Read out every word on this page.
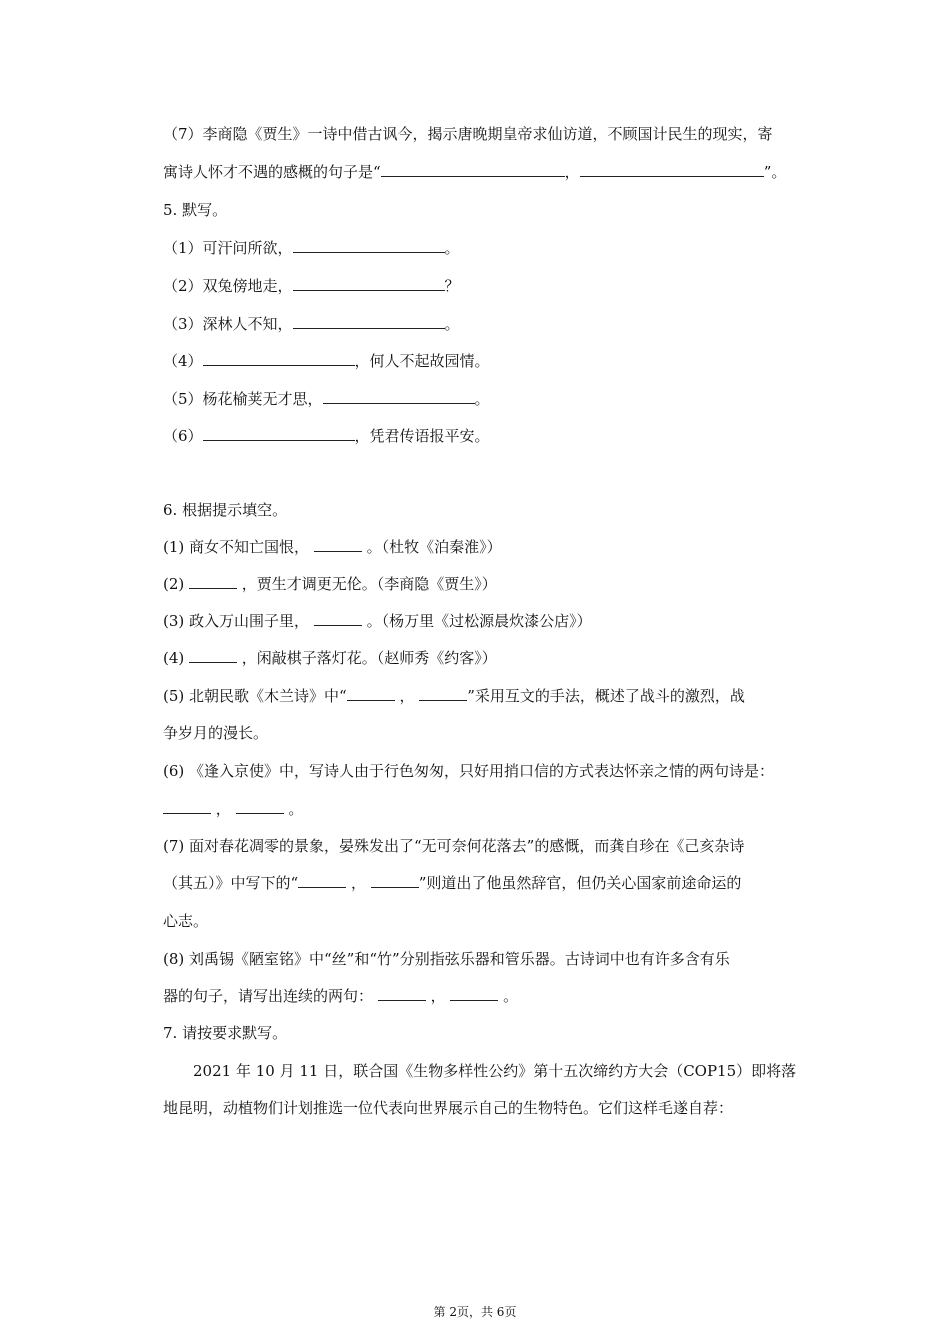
（7）李商隐《贾生》一诗中借古讽今，揭示唐晚期皇帝求仙访道，不顾国计民生的现实，寄
寓诗人怀才不遇的感概的句子是“	，	”。
5. 默写。
（1）可汗问所欲，	。
（2）双兔傍地走，	？
（3）深林人不知，	。
（4）	，何人不起故园情。
（5）杨花榆荚无才思，	。
（6）	，凭君传语报平安。
6. 根据提示填空。
(1) 商女不知亡国恨，	。（杜牧《泊秦淮》）
(2)	，贾生才调更无伦。（李商隐《贾生》）
(3) 政入万山围子里，	。（杨万里《过松源晨炊漆公店》）
(4)	，闲敲棋子落灯花。（赵师秀《约客》）
(5) 北朝民歌《木兰诗》中“	，	”采用互文的手法，概述了战斗的激烈，战
争岁月的漫长。
(6) 《逢入京使》中，写诗人由于行色匆匆，只好用捎口信的方式表达怀亲之情的两句诗是：
，	。
(7) 面对春花凋零的景象，晏殊发出了“无可奈何花落去”的感慨，而龚自珍在《己亥杂诗
（其五）》中写下的“	，	”则道出了他虽然辞官，但仍关心国家前途命运的
心志。
(8) 刘禹锡《陋室铭》中“丝”和“竹”分别指弦乐器和管乐器。古诗词中也有许多含有乐
器的句子，请写出连续的两句：	，	。
7. 请按要求默写。
2021 年 10 月 11 日，联合国《生物多样性公约》第十五次缔约方大会（COP15）即将落
地昆明，动植物们计划推选一位代表向世界展示自己的生物特色。它们这样毛遂自荐：
第 2页，共 6页
